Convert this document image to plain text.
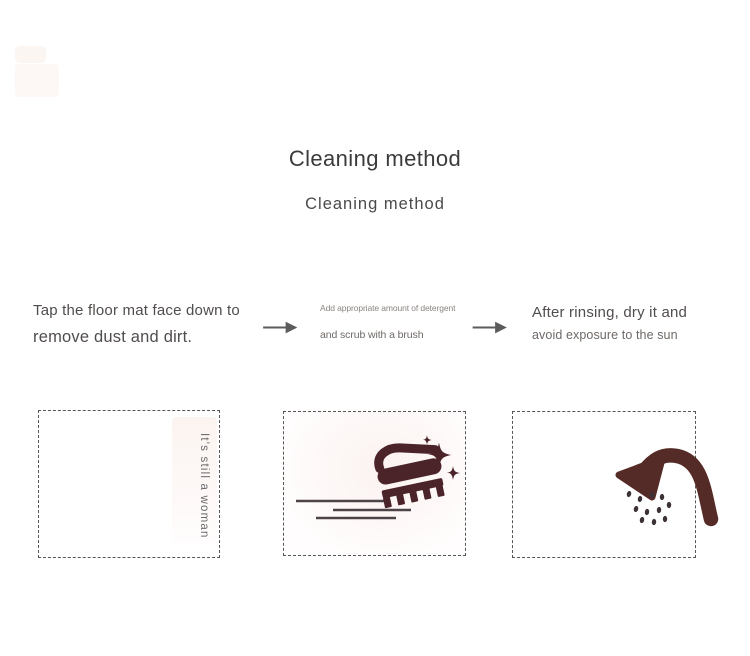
Cleaning method
Cleaning method
Tap the floor mat face down to
remove dust and dirt.
Add appropriate amount of detergent
and scrub with a brush
After rinsing, dry it and
avoid exposure to the sun
It's still a woman
